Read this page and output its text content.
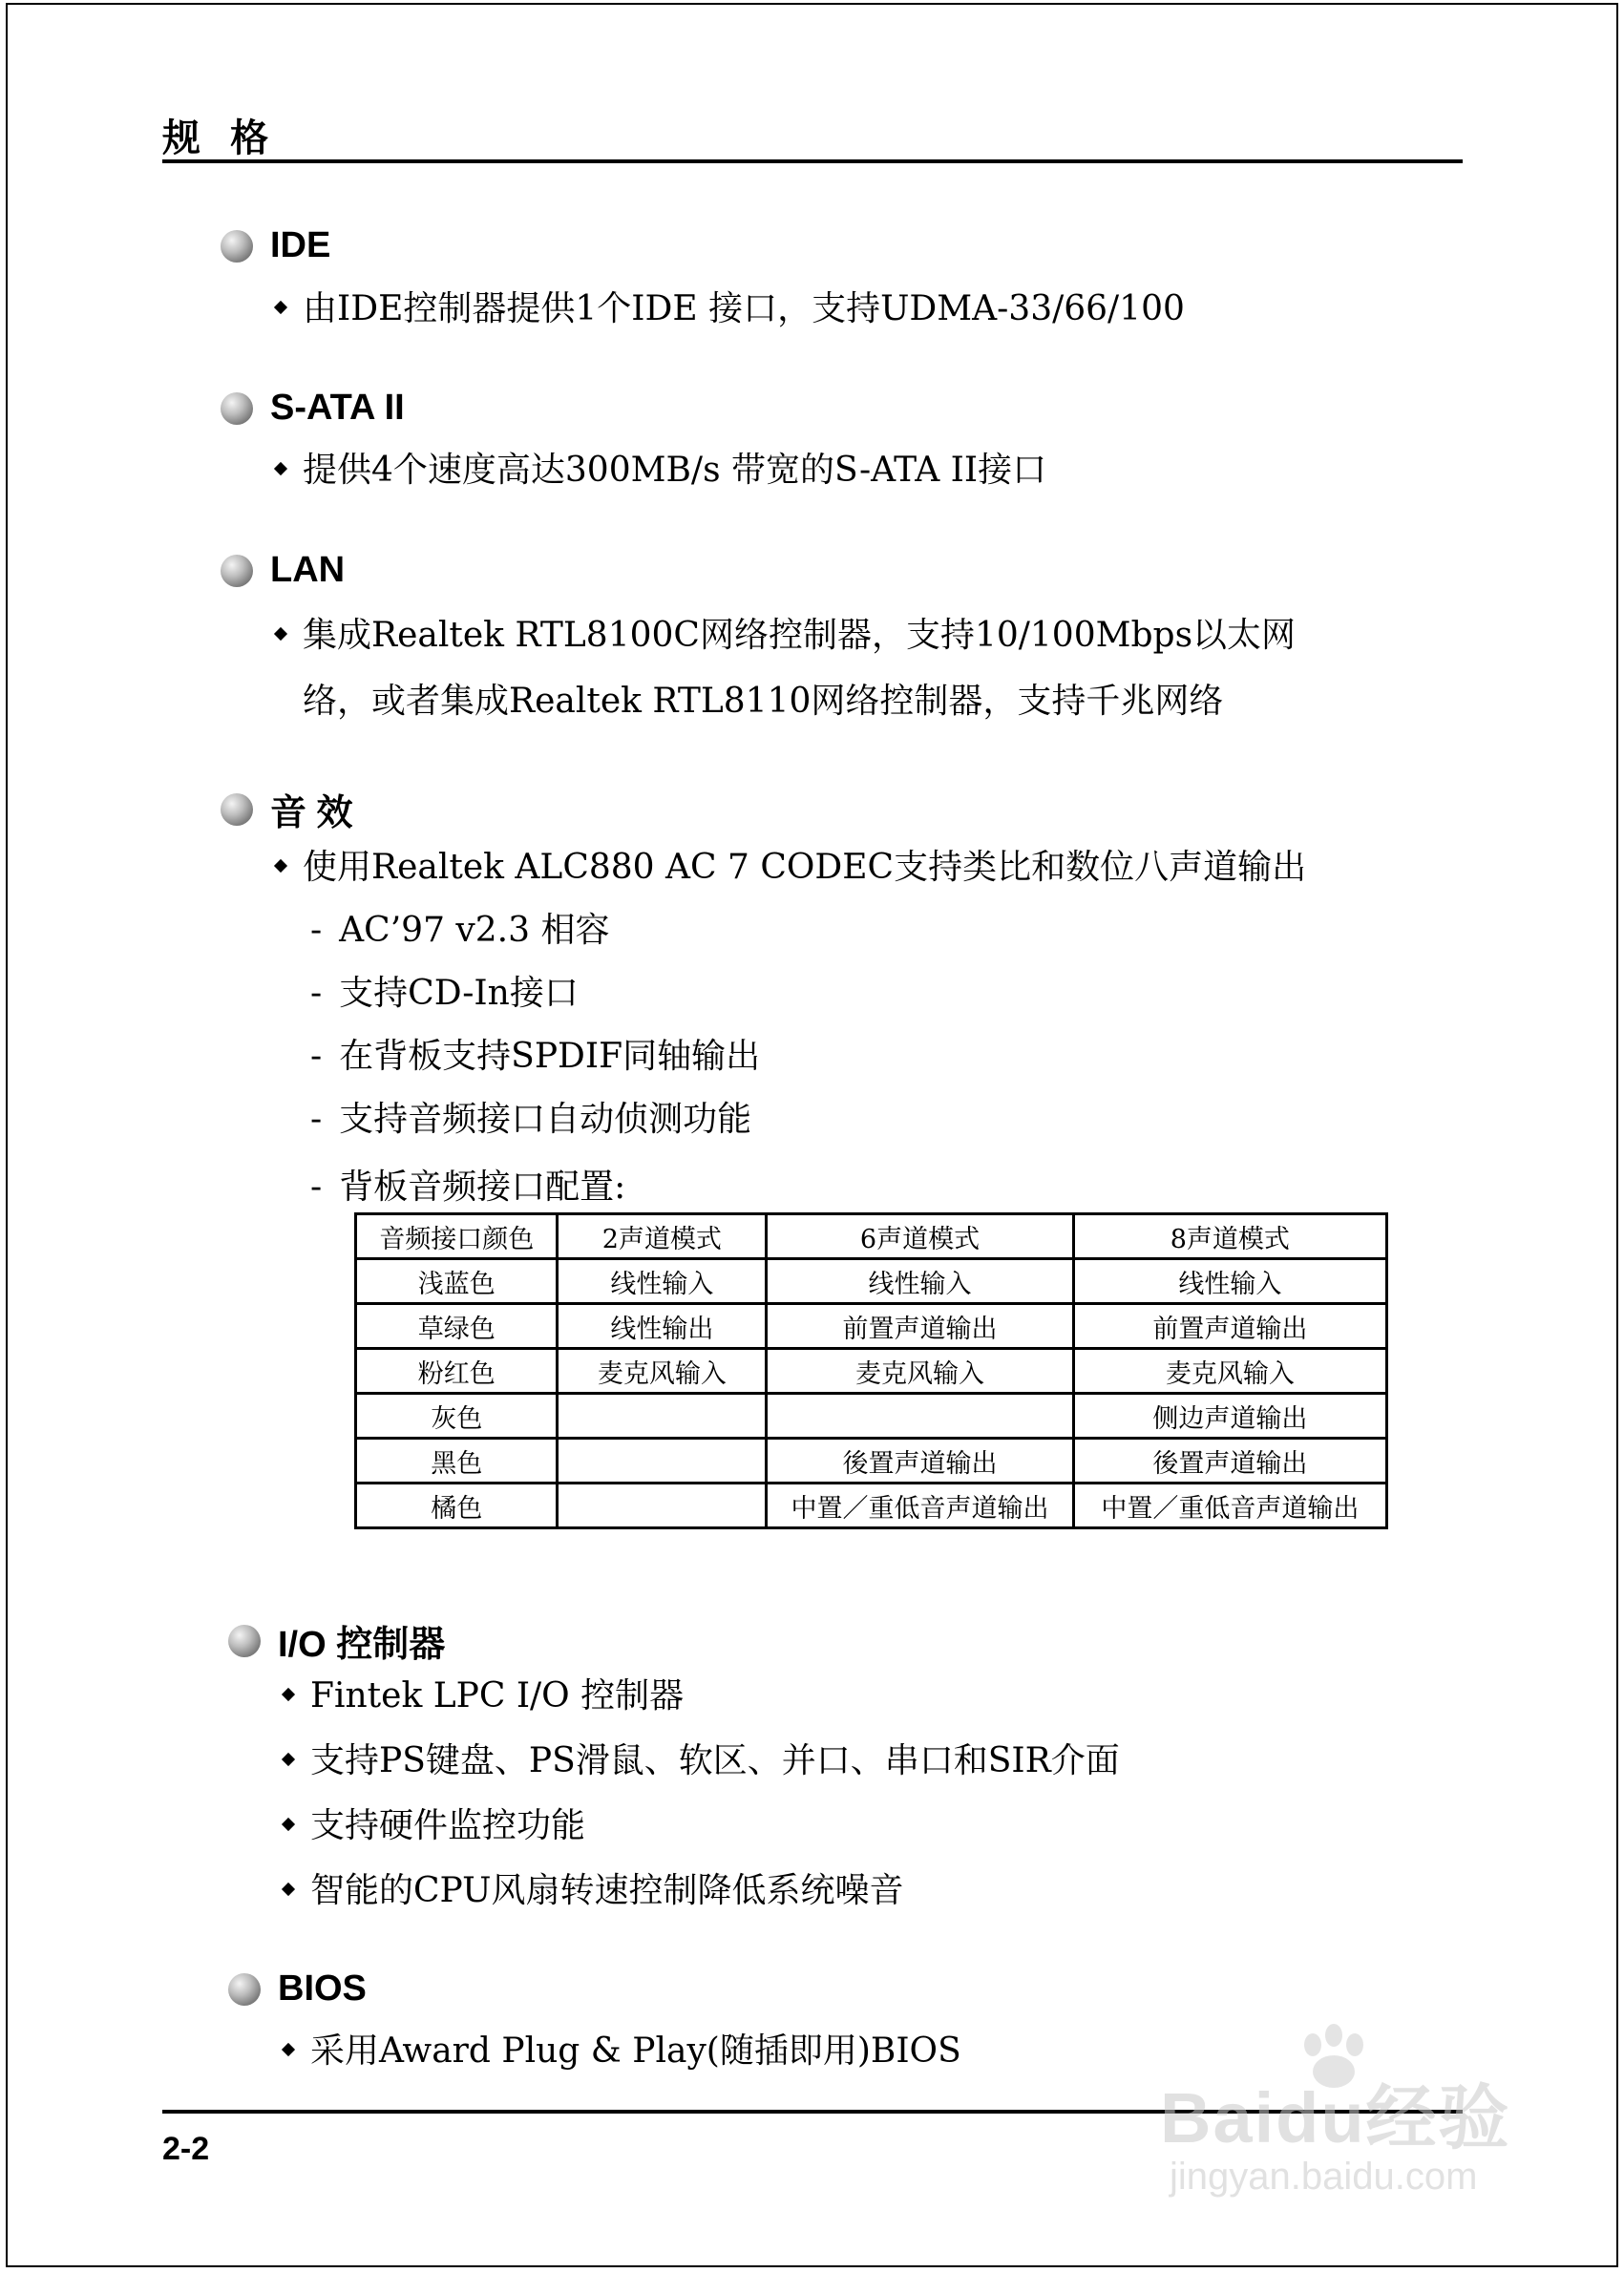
规 格
IDE
由IDE控制器提供1个IDE 接口，支持UDMA-33/66/100
S-ATA II
提供4个速度高达300MB/s 带宽的S-ATA II接口
LAN
集成Realtek RTL8100C网络控制器，支持10/100Mbps以太网
络，或者集成Realtek RTL8110网络控制器，支持千兆网络
音 效
使用Realtek ALC880 AC 7 CODEC支持类比和数位八声道输出
- AC’97 v2.3 相容
- 支持CD-In接口
- 在背板支持SPDIF同轴输出
- 支持音频接口自动侦测功能
- 背板音频接口配置:
音频接口颜色	2声道模式	6声道模式	8声道模式
浅蓝色	线性输入	线性输入	线性输入
草绿色	线性输出	前置声道输出	前置声道输出
粉红色	麦克风输入	麦克风输入	麦克风输入
灰色			侧边声道输出
黑色		後置声道输出	後置声道输出
橘色		中置／重低音声道输出	中置／重低音声道输出
I/O 控制器
Fintek LPC I/O 控制器
支持PS键盘、PS滑鼠、软区、并口、串口和SIR介面
支持硬件监控功能
智能的CPU风扇转速控制降低系统噪音
BIOS
采用Award Plug & Play(随插即用)BIOS
2-2	Baidu经验
jingyan.baidu.com
